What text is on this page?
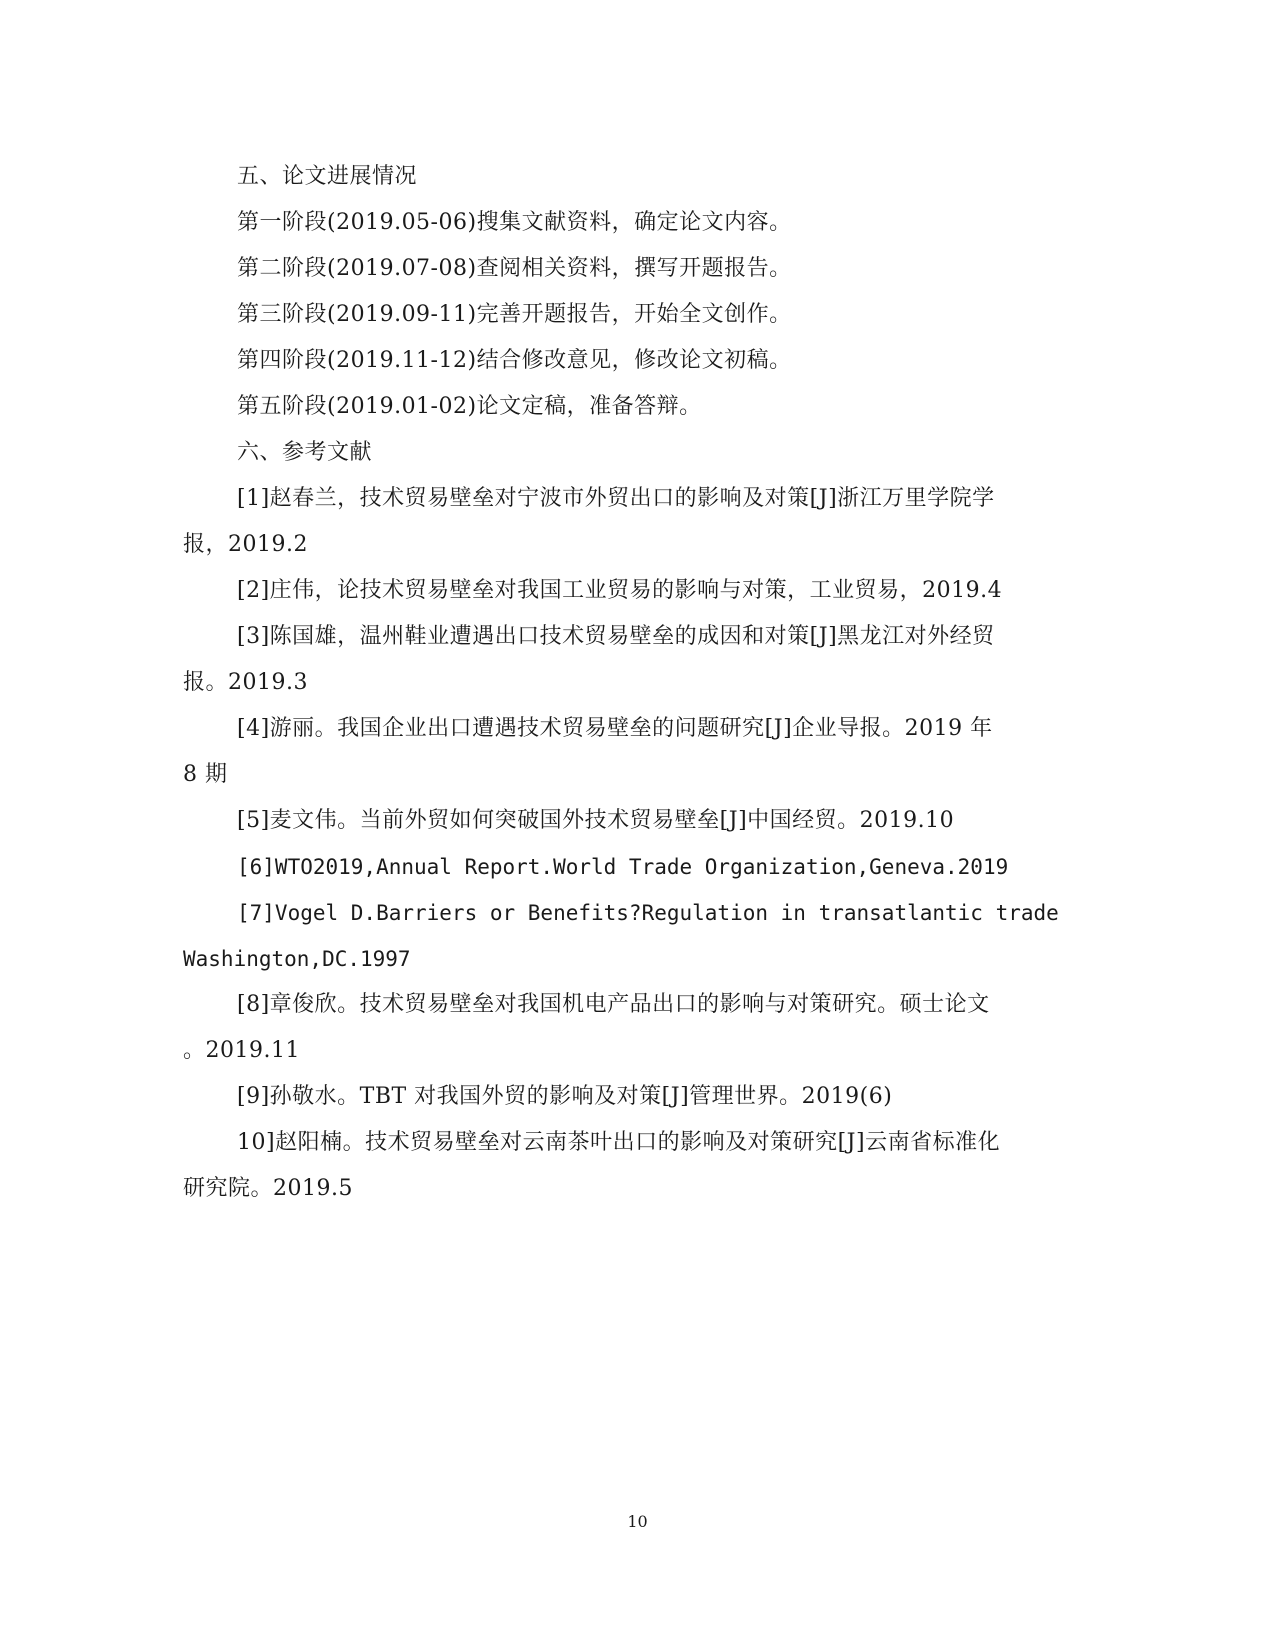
五、论文进展情况
第一阶段(2019.05-06)搜集文献资料，确定论文内容。
第二阶段(2019.07-08)查阅相关资料，撰写开题报告。
第三阶段(2019.09-11)完善开题报告，开始全文创作。
第四阶段(2019.11-12)结合修改意见，修改论文初稿。
第五阶段(2019.01-02)论文定稿，准备答辩。
六、参考文献
[1]赵春兰，技术贸易壁垒对宁波市外贸出口的影响及对策[J]浙江万里学院学
报，2019.2
[2]庄伟，论技术贸易壁垒对我国工业贸易的影响与对策，工业贸易，2019.4
[3]陈国雄，温州鞋业遭遇出口技术贸易壁垒的成因和对策[J]黑龙江对外经贸
报。2019.3
[4]游丽。我国企业出口遭遇技术贸易壁垒的问题研究[J]企业导报。2019 年
8 期
[5]麦文伟。当前外贸如何突破国外技术贸易壁垒[J]中国经贸。2019.10
[6]WTO2019,Annual Report.World Trade Organization,Geneva.2019
[7]Vogel D.Barriers or Benefits?Regulation in transatlantic trade
Washington,DC.1997
[8]章俊欣。技术贸易壁垒对我国机电产品出口的影响与对策研究。硕士论文
。2019.11
[9]孙敬水。TBT 对我国外贸的影响及对策[J]管理世界。2019(6)
10]赵阳楠。技术贸易壁垒对云南茶叶出口的影响及对策研究[J]云南省标准化
研究院。2019.5
10
